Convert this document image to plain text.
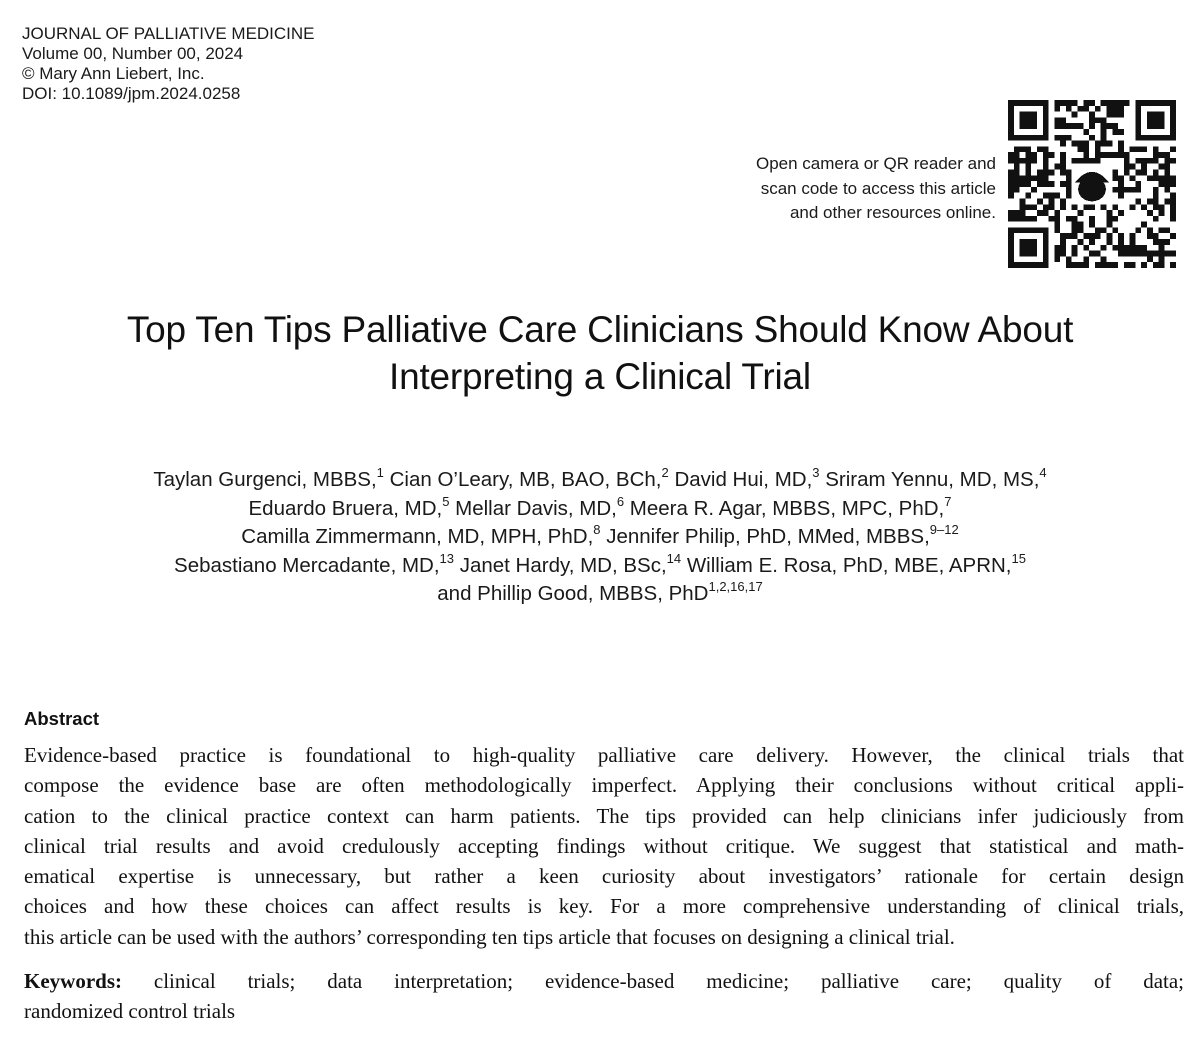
JOURNAL OF PALLIATIVE MEDICINE
Volume 00, Number 00, 2024
© Mary Ann Liebert, Inc.
DOI: 10.1089/jpm.2024.0258
Open camera or QR reader and
scan code to access this article
and other resources online.
Top Ten Tips Palliative Care Clinicians Should Know About
Interpreting a Clinical Trial
Taylan Gurgenci, MBBS,$^1$ Cian O’Leary, MB, BAO, BCh,$^2$ David Hui, MD,$^3$ Sriram Yennu, MD, MS,$^4$
Eduardo Bruera, MD,$^5$ Mellar Davis, MD,$^6$ Meera R. Agar, MBBS, MPC, PhD,$^7$
Camilla Zimmermann, MD, MPH, PhD,$^8$ Jennifer Philip, PhD, MMed, MBBS,$^{9-12}$
Sebastiano Mercadante, MD,$^{13}$ Janet Hardy, MD, BSc,$^{14}$ William E. Rosa, PhD, MBE, APRN,$^{15}$
and Phillip Good, MBBS, PhD$^{1,2,16,17}$
Abstract
Evidence-based practice is foundational to high-quality palliative care delivery. However, the clinical trials that
compose the evidence base are often methodologically imperfect. Applying their conclusions without critical appli-
cation to the clinical practice context can harm patients. The tips provided can help clinicians infer judiciously from
clinical trial results and avoid credulously accepting findings without critique. We suggest that statistical and math-
ematical expertise is unnecessary, but rather a keen curiosity about investigators’ rationale for certain design
choices and how these choices can affect results is key. For a more comprehensive understanding of clinical trials,
this article can be used with the authors’ corresponding ten tips article that focuses on designing a clinical trial.
Keywords: clinical trials; data interpretation; evidence-based medicine; palliative care; quality of data;
randomized control trials
